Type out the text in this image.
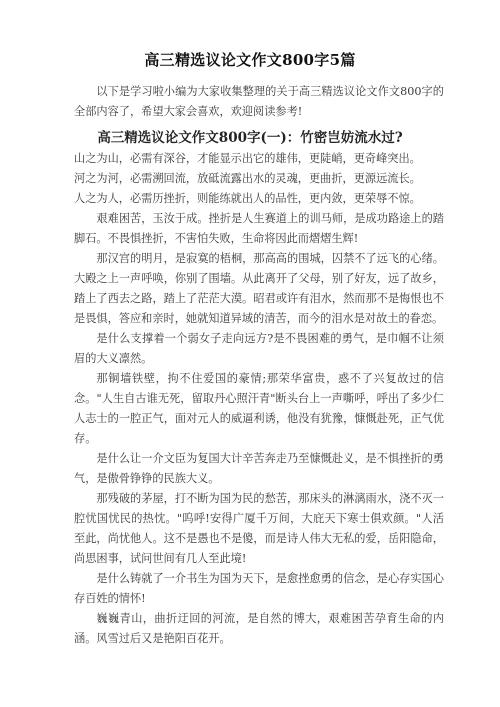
高三精选议论文作文800字5篇

以下是学习啦小编为大家收集整理的关于高三精选议论文作文800字的全部内容了，希望大家会喜欢，欢迎阅读参考!

高三精选议论文作文800字(一)：竹密岂妨流水过?

山之为山，必需有深谷，才能显示出它的雄伟，更陡峭，更奇峰突出。

河之为河，必需溯回流，放砥流露出水的灵魂，更曲折，更源远流长。

人之为人，必需历挫折，则能练就出人的品性，更内敛，更荣辱不惊。

艰难困苦，玉汝于成。挫折是人生赛道上的训马师，是成功路途上的踏脚石。不畏惧挫折，不害怕失败，生命将因此而熠熠生辉!

那汉宫的明月，是寂寞的梧桐，那高高的围城，囚禁不了远飞的心绪。大殿之上一声呼唤，你别了围墙。从此离开了父母，别了好友，远了故乡，踏上了西去之路，踏上了茫茫大漠。昭君或许有泪水，然而那不是悔恨也不是畏惧，答应和亲时，她就知道异域的清苦，而今的泪水是对故土的眷恋。

是什么支撑着一个弱女子走向远方?是不畏困难的勇气，是巾帼不让须眉的大义凛然。

那铜墙铁壁，拘不住爱国的豪情;那荣华富贵，惑不了兴复故过的信念。"人生自古谁无死，留取丹心照汗青"断头台上一声嘶呼，呼出了多少仁人志士的一腔正气，面对元人的威逼利诱，他没有犹豫，慷慨赴死，正气优存。

是什么让一介文臣为复国大计辛苦奔走乃至慷慨赴义，是不惧挫折的勇气，是傲骨铮铮的民族大义。

那残破的茅屋，打不断为国为民的愁苦，那床头的淋漓雨水，浇不灭一腔忧国忧民的热忱。"呜呼!安得广厦千万间，大庇天下寒士俱欢颜。"人活至此，尚忧他人。这不是愚也不是傻，而是诗人伟大无私的爱，岳阳隐命，尚思困事，试问世间有几人至此境!

是什么铸就了一介书生为国为天下，是愈挫愈勇的信念，是心存实国心存百姓的情怀!

巍巍青山，曲折迂回的河流，是自然的博大，艰难困苦孕育生命的内涵。风雪过后又是艳阳百花开。
